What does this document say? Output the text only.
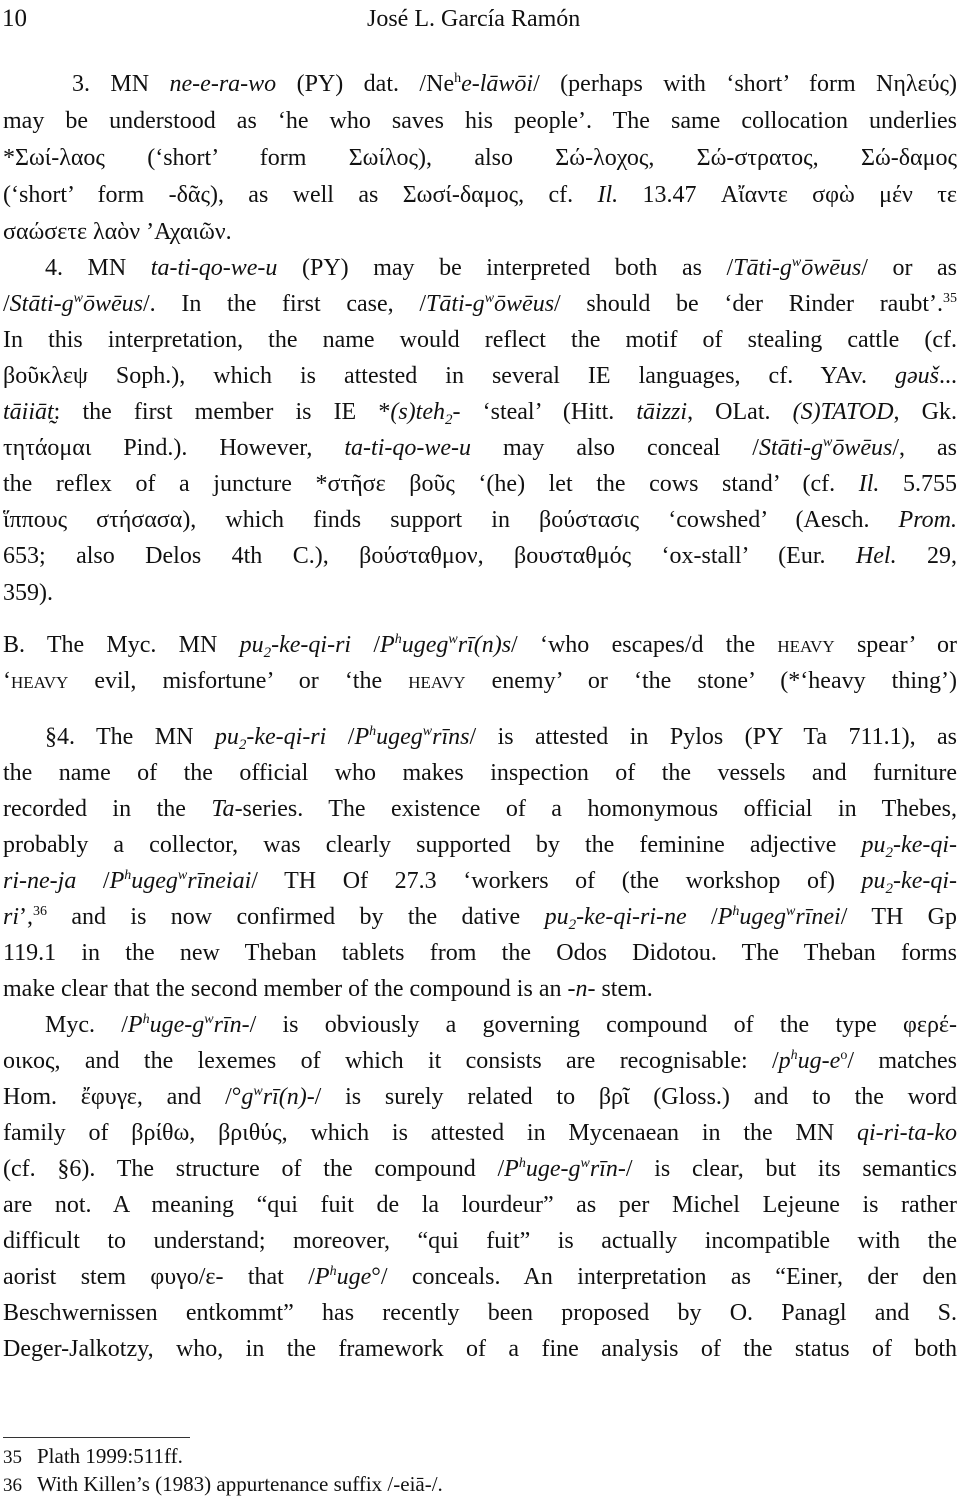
10	José L. García Ramón
3. MN ne-e-ra-wo (PY) dat. /Ne$^h$e-lāwōi/ (perhaps with ‘short’ form Νηλεύς)
may be understood as ‘he who saves his people’. The same collocation underlies
*Σωί-λαος (‘short’ form Σωίλος), also Σώ-λοχος, Σώ-στρατος, Σώ-δαμος
(‘short’ form -δᾶς), as well as Σωσί-δαμος, cf. Il. 13.47 Αἴαντε σφὼ μέν τε
σαώσετε λαὸν ’Αχαιῶν.
4. MN ta-ti-qo-we-u (PY) may be interpreted both as $/Tāti-g^wōwēus/$ or as
$/Stāti-g^wōwēus/$. In the first case, $/Tāti-g^wōwēus/$ should be ‘der Rinder raubt’.$^{35}$
In this interpretation, the name would reflect the motif of stealing cattle (cf.
βοῦκλεψ Soph.), which is attested in several IE languages, cf. YAv. gəuš...
tāiiāt̰: the first member is IE *(s)teh$_2$- ‘steal’ (Hitt. tāizzi, OLat. (S)TATOD, Gk.
τητάομαι Pind.). However, ta-ti-qo-we-u may also conceal $/Stāti-g^wōwēus/$, as
the reflex of a juncture *στῆσε βοῦς ‘(he) let the cows stand’ (cf. Il. 5.755
ἵππους στήσασα), which finds support in βούστασις ‘cowshed’ (Aesch. Prom.
653; also Delos 4th C.), βούσταθμον, βουσταθμός ‘ox-stall’ (Eur. Hel. 29,
359).
B. The Myc. MN $pu_2-ke-qi-ri$ $/P^hugeg^wrī(n)s/$ ‘who escapes/d the HEAVY spear’ or
‘HEAVY evil, misfortune’ or ‘the HEAVY enemy’ or ‘the stone’ (*‘heavy thing’)
§4. The MN $pu_2-ke-qi-ri$ $/P^hugeg^wrīns/$ is attested in Pylos (PY Ta 711.1), as
the name of the official who makes inspection of the vessels and furniture
recorded in the Ta-series. The existence of a homonymous official in Thebes,
probably a collector, was clearly supported by the feminine adjective $pu_2-ke-qi-$
ri-ne-ja $/P^hugeg^wrīneiai/$ TH Of 27.3 ‘workers of (the workshop of) $pu_2-ke-qi-$
ri’,$^{36}$ and is now confirmed by the dative $pu_2-ke-qi-ri-ne$ $/P^hugeg^wrīnei/$ TH Gp
119.1 in the new Theban tablets from the Odos Didotou. The Theban forms
make clear that the second member of the compound is an -n- stem.
Myc. $/P^huge-g^wrīn-/$ is obviously a governing compound of the type φερέ-
οικος, and the lexemes of which it consists are recognisable: $/p^hug-e^o/$ matches
Hom. ἔφυγε, and $/^\circ g^wrī(n)-/$ is surely related to βρῖ (Gloss.) and to the word
family of βρίθω, βριθύς, which is attested in Mycenaean in the MN qi-ri-ta-ko
(cf. §6). The structure of the compound $/P^huge-g^wrīn-/$ is clear, but its semantics
are not. A meaning “qui fuit de la lourdeur” as per Michel Lejeune is rather
difficult to understand; moreover, “qui fuit” is actually incompatible with the
aorist stem φυγο/ε- that $/P^huge^\circ/$ conceals. An interpretation as “Einer, der den
Beschwernissen entkommt” has recently been proposed by O. Panagl and S.
Deger-Jalkotzy, who, in the framework of a fine analysis of the status of both
35 Plath 1999:511ff.
36 With Killen’s (1983) appurtenance suffix /-eiā-/.
